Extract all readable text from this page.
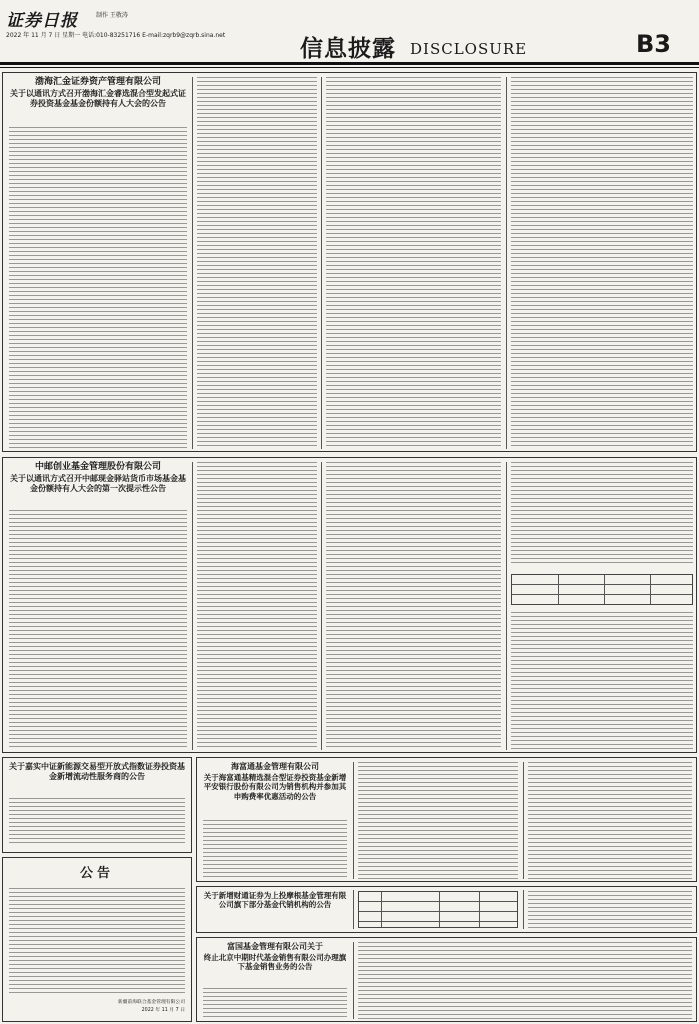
证券日报	制作 王敬涛
2022 年 11 月 7 日 星期一 电话:010-83251716 E-mail:zqrb9@zqrb.sina.net
信息披露 DISCLOSURE	B3
渤海汇金证券资产管理有限公司
关于以通讯方式召开渤海汇金睿选混合型发起式证券投资基金基金份额持有人大会的公告
中邮创业基金管理股份有限公司
关于以通讯方式召开中邮现金驿站货币市场基金基金份额持有人大会的第一次提示性公告
关于嘉实中证新能源交易型开放式指数证券投资基金新增流动性服务商的公告
公告
新疆前海联合基金管理有限公司
2022 年 11 月 7 日
海富通基金管理有限公司
关于海富通基精选混合型证券投资基金新增平安银行股份有限公司为销售机构并参加其申购费率优惠活动的公告
关于新增财通证券为上投摩根基金管理有限公司旗下部分基金代销机构的公告
富国基金管理有限公司关于
终止北京中期时代基金销售有限公司办理旗下基金销售业务的公告
